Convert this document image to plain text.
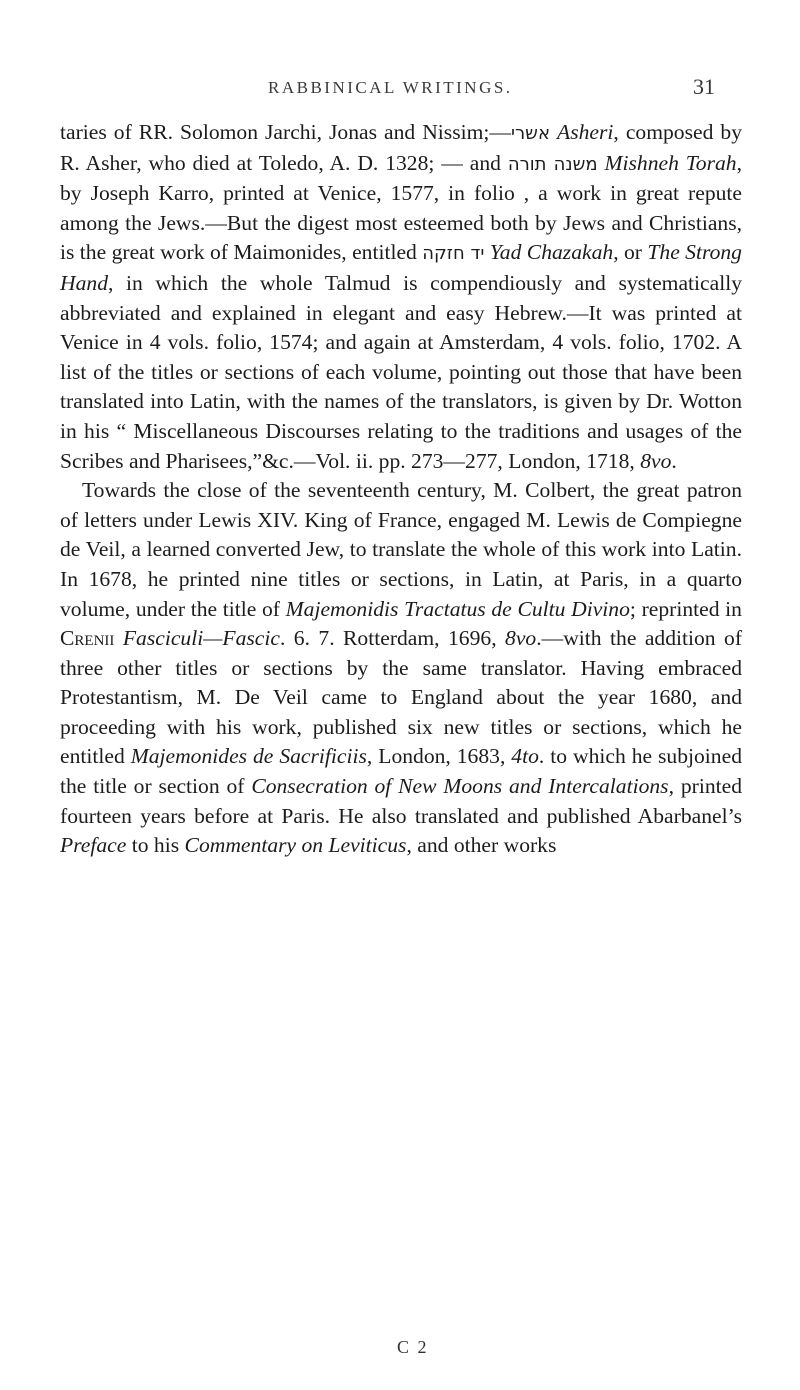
RABBINICAL WRITINGS.	31

taries of RR. Solomon Jarchi, Jonas and Nissim;—אשרי Asheri, composed by R. Asher, who died at Toledo, A. D. 1328; — and משנה תורה Mishneh Torah, by Joseph Karro, printed at Venice, 1577, in folio , a work in great repute among the Jews.—But the digest most esteemed both by Jews and Christians, is the great work of Maimonides, entitled יד חזקה Yad Chazakah, or The Strong Hand, in which the whole Talmud is compendiously and systematically abbreviated and explained in elegant and easy Hebrew.—It was printed at Venice in 4 vols. folio, 1574; and again at Amsterdam, 4 vols. folio, 1702. A list of the titles or sections of each volume, pointing out those that have been translated into Latin, with the names of the translators, is given by Dr. Wotton in his “ Miscellaneous Discourses relating to the traditions and usages of the Scribes and Pharisees,”&c.—Vol. ii. pp. 273—277, London, 1718, 8vo.

Towards the close of the seventeenth century, M. Colbert, the great patron of letters under Lewis XIV. King of France, engaged M. Lewis de Compiegne de Veil, a learned converted Jew, to translate the whole of this work into Latin. In 1678, he printed nine titles or sections, in Latin, at Paris, in a quarto volume, under the title of Majemonidis Tractatus de Cultu Divino; reprinted in Crenii Fasciculi—Fascic. 6. 7. Rotterdam, 1696, 8vo.—with the addition of three other titles or sections by the same translator. Having embraced Protestantism, M. De Veil came to England about the year 1680, and proceeding with his work, published six new titles or sections, which he entitled Majemonides de Sacrificiis, London, 1683, 4to. to which he subjoined the title or section of Consecration of New Moons and Intercalations, printed fourteen years before at Paris. He also translated and published Abarbanel’s Preface to his Commentary on Leviticus, and other works

C 2
